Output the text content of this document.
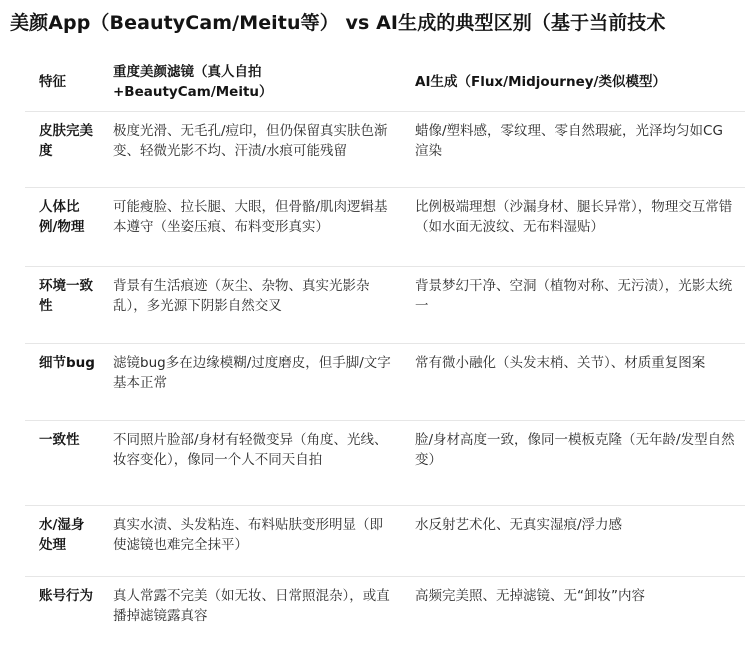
美颜App（BeautyCam/Meitu等） vs AI生成的典型区别（基于当前技术
特征	重度美颜滤镜（真人自拍+BeautyCam/Meitu）	AI生成（Flux/Midjourney/类似模型）

皮肤完美度	极度光滑、无毛孔/痘印，但仍保留真实肤色渐变、轻微光影不均、汗渍/水痕可能残留	蜡像/塑料感，零纹理、零自然瑕疵，光泽均匀如CG渲染

人体比例/物理	可能瘦脸、拉长腿、大眼，但骨骼/肌肉逻辑基本遵守（坐姿压痕、布料变形真实）	比例极端理想（沙漏身材、腿长异常），物理交互常错（如水面无波纹、无布料湿贴）

环境一致性	背景有生活痕迹（灰尘、杂物、真实光影杂乱），多光源下阴影自然交叉	背景梦幻干净、空洞（植物对称、无污渍），光影太统一

细节bug	滤镜bug多在边缘模糊/过度磨皮，但手脚/文字基本正常	常有微小融化（头发末梢、关节）、材质重复图案

一致性	不同照片脸部/身材有轻微变异（角度、光线、妆容变化），像同一个人不同天自拍	脸/身材高度一致，像同一模板克隆（无年龄/发型自然变）

水/湿身处理	真实水渍、头发粘连、布料贴肤变形明显（即使滤镜也难完全抹平）	水反射艺术化、无真实湿痕/浮力感

账号行为	真人常露不完美（如无妆、日常照混杂），或直播掉滤镜露真容	高频完美照、无掉滤镜、无“卸妆”内容
